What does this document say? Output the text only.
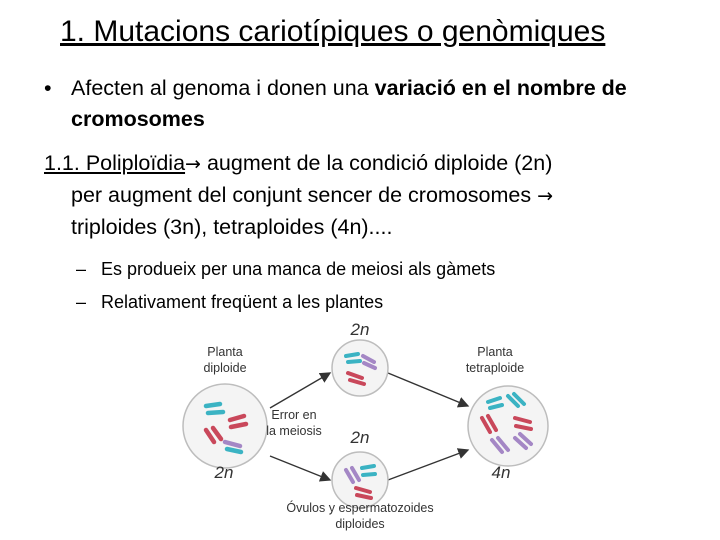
1. Mutacions cariotípiques o genòmiques
• Afecten al genoma i donen una variació en el nombre de cromosomes
1.1. Poliploïdia→ augment de la condició diploide (2n)
per augment del conjunt sencer de cromosomes →
triploides (3n), tetraploides (4n)....
– Es produeix per una manca de meiosi als gàmets
– Relativament freqüent a les plantes
2n
Planta
diploide
Planta
tetraploide
Error en
la meiosis 2n
2n	4n
Óvulos y espermatozoides
diploides
